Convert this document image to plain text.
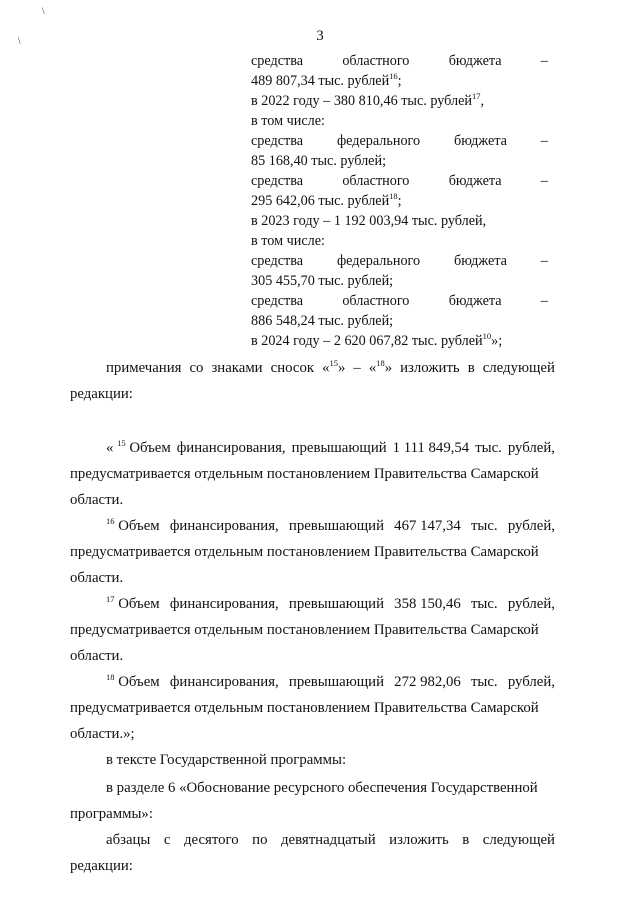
\
\	3
средства	областного	бюджета	–
489 807,34 тыс. рублей$^{16}$;
в 2022 году – 380 810,46 тыс. рублей$^{17}$,
в том числе:
средства федерального бюджета –
85 168,40 тыс. рублей;
средства	областного	бюджета	–
295 642,06 тыс. рублей$^{18}$;
в 2023 году – 1 192 003,94 тыс. рублей,
в том числе:
средства федерального бюджета –
305 455,70 тыс. рублей;
средства	областного	бюджета	–
886 548,24 тыс. рублей;
в 2024 году – 2 620 067,82 тыс. рублей$^{10}$»;
примечания со знаками сносок «$^{15}$» – «$^{18}$» изложить в следующей
редакции:
« $^{15}$ Объем финансирования, превышающий 1 111 849,54 тыс. рублей,
предусматривается отдельным постановлением Правительства Самарской
области.
$^{16}$ Объем финансирования, превышающий 467 147,34 тыс. рублей,
предусматривается отдельным постановлением Правительства Самарской
области.
$^{17}$ Объем финансирования, превышающий 358 150,46 тыс. рублей,
предусматривается отдельным постановлением Правительства Самарской
области.
$^{18}$ Объем финансирования, превышающий 272 982,06 тыс. рублей,
предусматривается отдельным постановлением Правительства Самарской
области.»;
в тексте Государственной программы:
в разделе 6 «Обоснование ресурсного обеспечения Государственной
программы»:
абзацы с десятого по девятнадцатый изложить в следующей
редакции:
